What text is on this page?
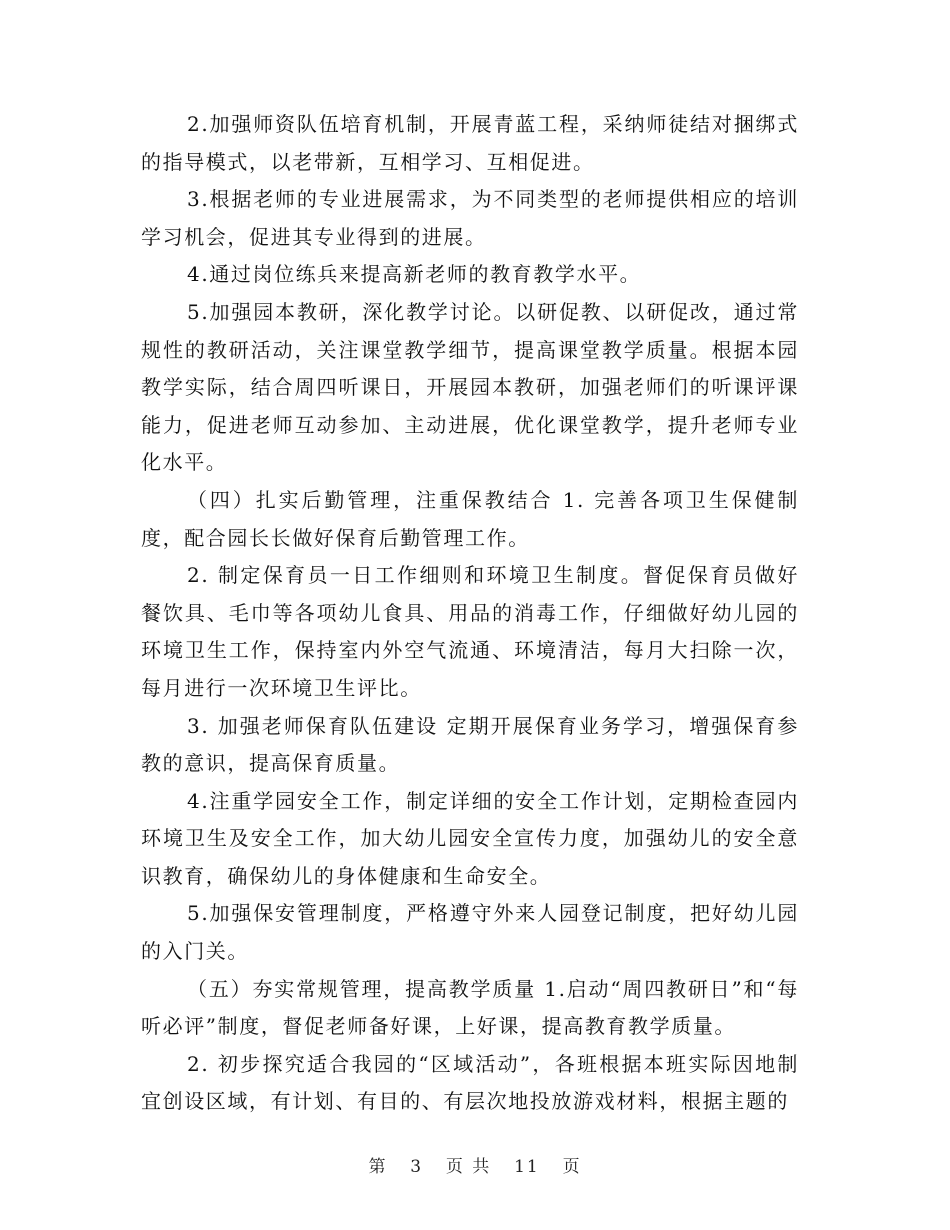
2.加强师资队伍培育机制，开展青蓝工程，采纳师徒结对捆绑式的指导模式，以老带新，互相学习、互相促进。

3.根据老师的专业进展需求，为不同类型的老师提供相应的培训学习机会，促进其专业得到的进展。

4.通过岗位练兵来提高新老师的教育教学水平。

5.加强园本教研，深化教学讨论。以研促教、以研促改，通过常规性的教研活动，关注课堂教学细节，提高课堂教学质量。根据本园教学实际，结合周四听课日，开展园本教研，加强老师们的听课评课能力，促进老师互动参加、主动进展，优化课堂教学，提升老师专业化水平。

（四）扎实后勤管理，注重保教结合 1. 完善各项卫生保健制度，配合园长长做好保育后勤管理工作。

2. 制定保育员一日工作细则和环境卫生制度。督促保育员做好餐饮具、毛巾等各项幼儿食具、用品的消毒工作，仔细做好幼儿园的环境卫生工作，保持室内外空气流通、环境清洁，每月大扫除一次，每月进行一次环境卫生评比。

3. 加强老师保育队伍建设 定期开展保育业务学习，增强保育参教的意识，提高保育质量。

4.注重学园安全工作，制定详细的安全工作计划，定期检查园内环境卫生及安全工作，加大幼儿园安全宣传力度，加强幼儿的安全意识教育，确保幼儿的身体健康和生命安全。

5.加强保安管理制度，严格遵守外来人园登记制度，把好幼儿园的入门关。

（五）夯实常规管理，提高教学质量 1.启动“周四教研日”和“每听必评”制度，督促老师备好课，上好课，提高教育教学质量。

2. 初步探究适合我园的“区域活动”，各班根据本班实际因地制宜创设区域，有计划、有目的、有层次地投放游戏材料，根据主题的

第 3 页 共 11 页
